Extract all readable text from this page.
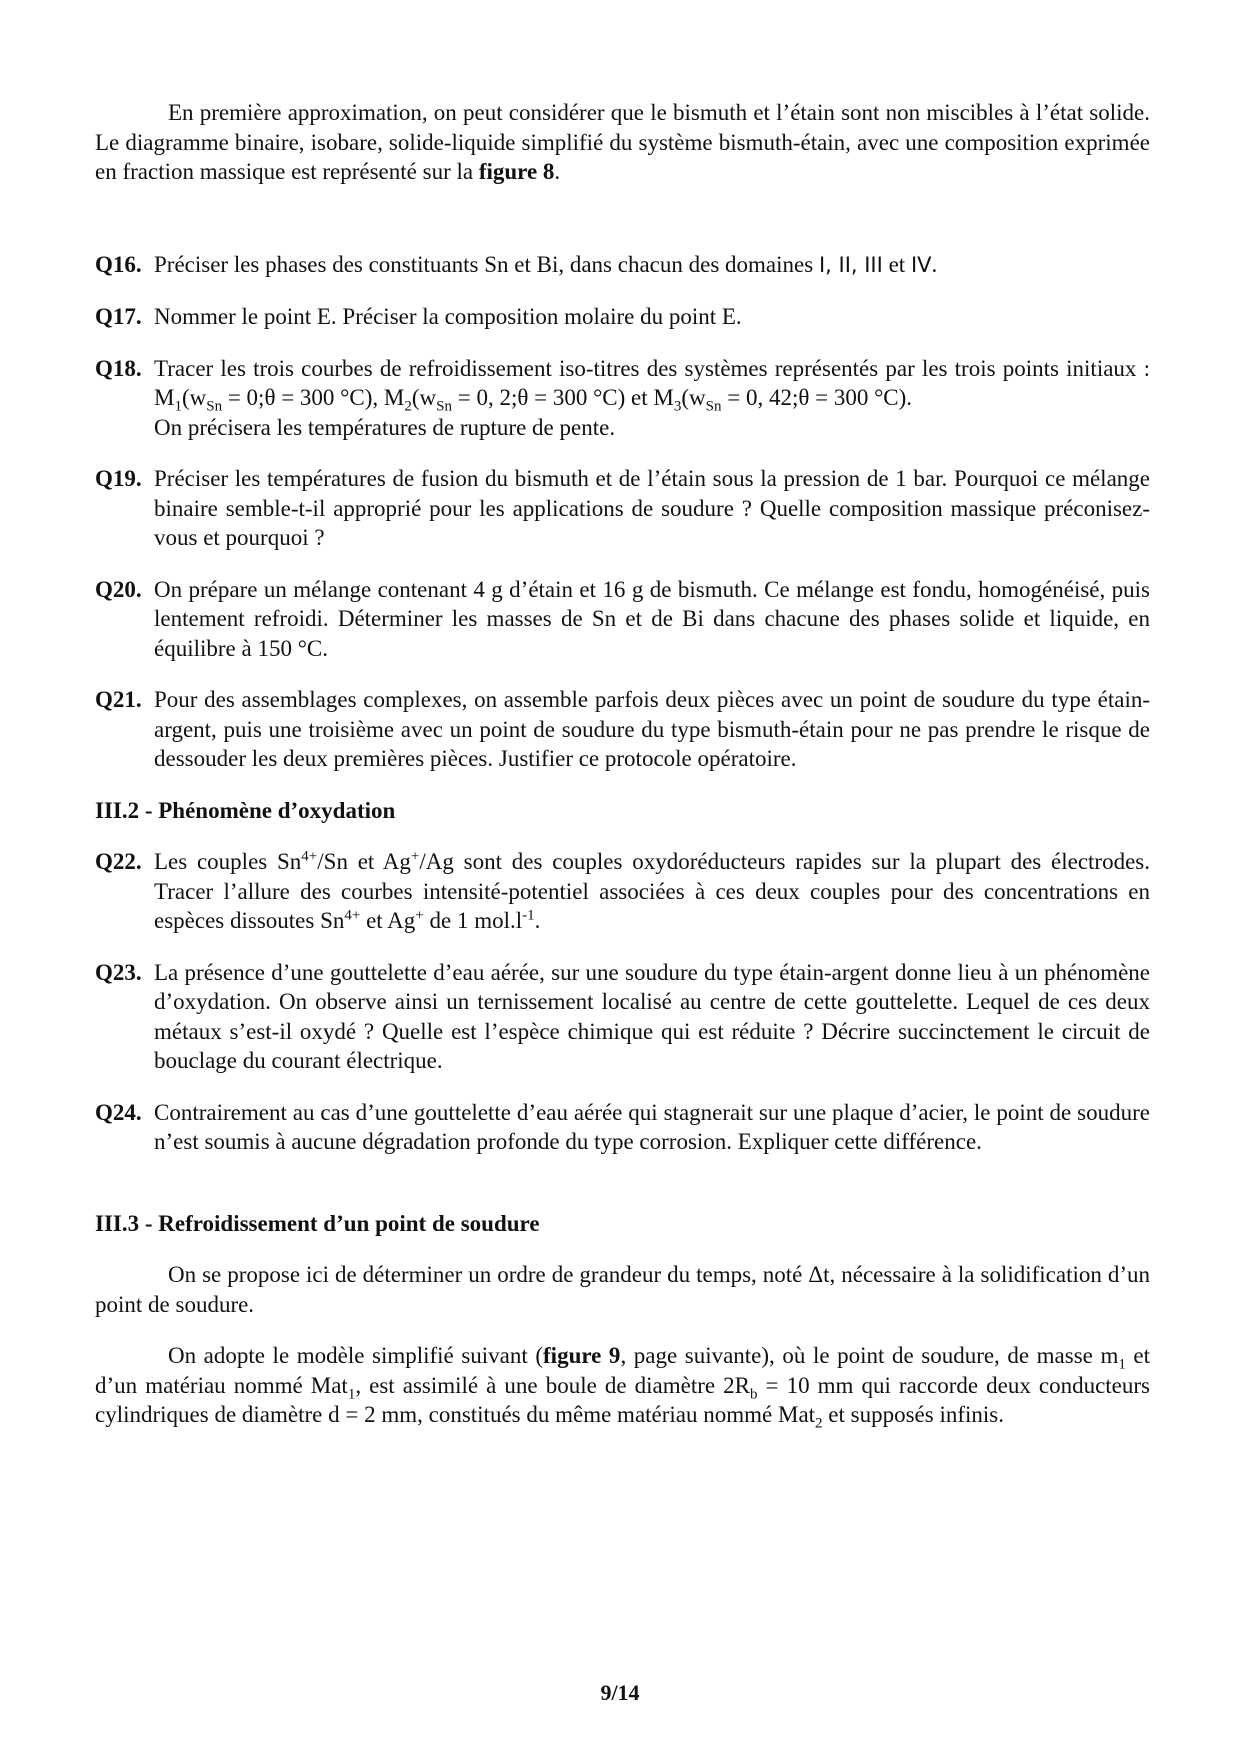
En première approximation, on peut considérer que le bismuth et l’étain sont non miscibles à l’état solide. Le diagramme binaire, isobare, solide-liquide simplifié du système bismuth-étain, avec une composition exprimée en fraction massique est représenté sur la figure 8.

Q16. Préciser les phases des constituants Sn et Bi, dans chacun des domaines I, II, III et IV.
Q17. Nommer le point E. Préciser la composition molaire du point E.
Q18. Tracer les trois courbes de refroidissement iso-titres des systèmes représentés par les trois points initiaux : $M_1(w_{Sn}$ = 0;θ = 300 °C), $M_2(w_{Sn} = 0$, 2;θ = 300 °C) et $M_3(w_{Sn} = 0$, 42;θ = 300 °C).
On précisera les températures de rupture de pente.
Q19. Préciser les températures de fusion du bismuth et de l’étain sous la pression de 1 bar. Pourquoi ce mélange binaire semble-t-il approprié pour les applications de soudure ? Quelle composition massique préconisez-vous et pourquoi ?
Q20. On prépare un mélange contenant 4 g d’étain et 16 g de bismuth. Ce mélange est fondu, homogénéisé, puis lentement refroidi. Déterminer les masses de Sn et de Bi dans chacune des phases solide et liquide, en équilibre à 150 °C.
Q21. Pour des assemblages complexes, on assemble parfois deux pièces avec un point de soudure du type étain-argent, puis une troisième avec un point de soudure du type bismuth-étain pour ne pas prendre le risque de dessouder les deux premières pièces. Justifier ce protocole opératoire.

III.2 - Phénomène d’oxydation

Q22. Les couples $Sn^{4+}/Sn$ et Ag+/Ag sont des couples oxydoréducteurs rapides sur la plupart des électrodes. Tracer l’allure des courbes intensité-potentiel associées à ces deux couples pour des concentrations en espèces dissoutes $Sn^{4+}$ et Ag+ de 1 $mol.l^{-1}$.
Q23. La présence d’une gouttelette d’eau aérée, sur une soudure du type étain-argent donne lieu à un phénomène d’oxydation. On observe ainsi un ternissement localisé au centre de cette gouttelette. Lequel de ces deux métaux s’est-il oxydé ? Quelle est l’espèce chimique qui est réduite ? Décrire succinctement le circuit de bouclage du courant électrique.
Q24. Contrairement au cas d’une gouttelette d’eau aérée qui stagnerait sur une plaque d’acier, le point de soudure n’est soumis à aucune dégradation profonde du type corrosion. Expliquer cette différence.

III.3 - Refroidissement d’un point de soudure

On se propose ici de déterminer un ordre de grandeur du temps, noté Δt, nécessaire à la solidification d’un point de soudure.

On adopte le modèle simplifié suivant (figure 9, page suivante), où le point de soudure, de masse $m_1$ et d’un matériau nommé Mat$_1$, est assimilé à une boule de diamètre $2R_b = 10$ mm qui raccorde deux conducteurs cylindriques de diamètre d = 2 mm, constitués du même matériau nommé Mat$_2$ et supposés infinis.

9/14
